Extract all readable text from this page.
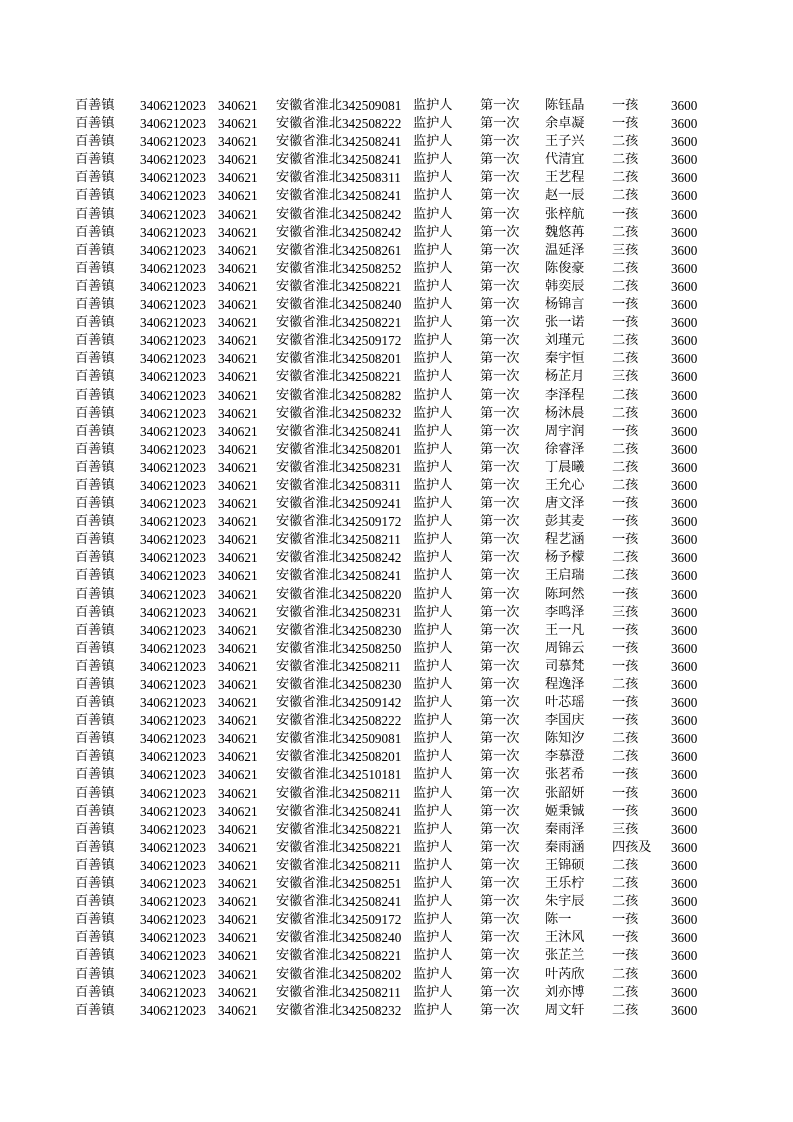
百善镇	3406212023	340621	安徽省淮北	342509081	监护人	第一次	陈钰晶	一孩	3600
百善镇	3406212023	340621	安徽省淮北	342508222	监护人	第一次	余卓凝	一孩	3600
百善镇	3406212023	340621	安徽省淮北	342508241	监护人	第一次	王子兴	二孩	3600
百善镇	3406212023	340621	安徽省淮北	342508241	监护人	第一次	代清宜	二孩	3600
百善镇	3406212023	340621	安徽省淮北	342508311	监护人	第一次	王艺程	二孩	3600
百善镇	3406212023	340621	安徽省淮北	342508241	监护人	第一次	赵一辰	二孩	3600
百善镇	3406212023	340621	安徽省淮北	342508242	监护人	第一次	张梓航	一孩	3600
百善镇	3406212023	340621	安徽省淮北	342508242	监护人	第一次	魏悠苒	二孩	3600
百善镇	3406212023	340621	安徽省淮北	342508261	监护人	第一次	温延泽	三孩	3600
百善镇	3406212023	340621	安徽省淮北	342508252	监护人	第一次	陈俊豪	二孩	3600
百善镇	3406212023	340621	安徽省淮北	342508221	监护人	第一次	韩奕辰	二孩	3600
百善镇	3406212023	340621	安徽省淮北	342508240	监护人	第一次	杨锦言	一孩	3600
百善镇	3406212023	340621	安徽省淮北	342508221	监护人	第一次	张一诺	一孩	3600
百善镇	3406212023	340621	安徽省淮北	342509172	监护人	第一次	刘瑾元	二孩	3600
百善镇	3406212023	340621	安徽省淮北	342508201	监护人	第一次	秦宇恒	二孩	3600
百善镇	3406212023	340621	安徽省淮北	342508221	监护人	第一次	杨芷月	三孩	3600
百善镇	3406212023	340621	安徽省淮北	342508282	监护人	第一次	李泽程	二孩	3600
百善镇	3406212023	340621	安徽省淮北	342508232	监护人	第一次	杨沐晨	二孩	3600
百善镇	3406212023	340621	安徽省淮北	342508241	监护人	第一次	周宇润	一孩	3600
百善镇	3406212023	340621	安徽省淮北	342508201	监护人	第一次	徐睿泽	二孩	3600
百善镇	3406212023	340621	安徽省淮北	342508231	监护人	第一次	丁晨曦	二孩	3600
百善镇	3406212023	340621	安徽省淮北	342508311	监护人	第一次	王允心	二孩	3600
百善镇	3406212023	340621	安徽省淮北	342509241	监护人	第一次	唐文泽	一孩	3600
百善镇	3406212023	340621	安徽省淮北	342509172	监护人	第一次	彭其麦	一孩	3600
百善镇	3406212023	340621	安徽省淮北	342508211	监护人	第一次	程艺涵	一孩	3600
百善镇	3406212023	340621	安徽省淮北	342508242	监护人	第一次	杨予檬	二孩	3600
百善镇	3406212023	340621	安徽省淮北	342508241	监护人	第一次	王启瑞	二孩	3600
百善镇	3406212023	340621	安徽省淮北	342508220	监护人	第一次	陈珂然	一孩	3600
百善镇	3406212023	340621	安徽省淮北	342508231	监护人	第一次	李鸣泽	三孩	3600
百善镇	3406212023	340621	安徽省淮北	342508230	监护人	第一次	王一凡	一孩	3600
百善镇	3406212023	340621	安徽省淮北	342508250	监护人	第一次	周锦云	一孩	3600
百善镇	3406212023	340621	安徽省淮北	342508211	监护人	第一次	司慕梵	一孩	3600
百善镇	3406212023	340621	安徽省淮北	342508230	监护人	第一次	程逸泽	二孩	3600
百善镇	3406212023	340621	安徽省淮北	342509142	监护人	第一次	叶芯瑶	一孩	3600
百善镇	3406212023	340621	安徽省淮北	342508222	监护人	第一次	李国庆	一孩	3600
百善镇	3406212023	340621	安徽省淮北	342509081	监护人	第一次	陈知汐	二孩	3600
百善镇	3406212023	340621	安徽省淮北	342508201	监护人	第一次	李慕澄	二孩	3600
百善镇	3406212023	340621	安徽省淮北	342510181	监护人	第一次	张茗希	一孩	3600
百善镇	3406212023	340621	安徽省淮北	342508211	监护人	第一次	张韶妍	一孩	3600
百善镇	3406212023	340621	安徽省淮北	342508241	监护人	第一次	姬秉铖	一孩	3600
百善镇	3406212023	340621	安徽省淮北	342508221	监护人	第一次	秦雨泽	三孩	3600
百善镇	3406212023	340621	安徽省淮北	342508221	监护人	第一次	秦雨涵	四孩及	3600
百善镇	3406212023	340621	安徽省淮北	342508211	监护人	第一次	王锦硕	二孩	3600
百善镇	3406212023	340621	安徽省淮北	342508251	监护人	第一次	王乐柠	二孩	3600
百善镇	3406212023	340621	安徽省淮北	342508241	监护人	第一次	朱宇辰	二孩	3600
百善镇	3406212023	340621	安徽省淮北	342509172	监护人	第一次	陈一	一孩	3600
百善镇	3406212023	340621	安徽省淮北	342508240	监护人	第一次	王沐风	一孩	3600
百善镇	3406212023	340621	安徽省淮北	342508221	监护人	第一次	张芷兰	一孩	3600
百善镇	3406212023	340621	安徽省淮北	342508202	监护人	第一次	叶芮欣	二孩	3600
百善镇	3406212023	340621	安徽省淮北	342508211	监护人	第一次	刘亦博	二孩	3600
百善镇	3406212023	340621	安徽省淮北	342508232	监护人	第一次	周文轩	二孩	3600
